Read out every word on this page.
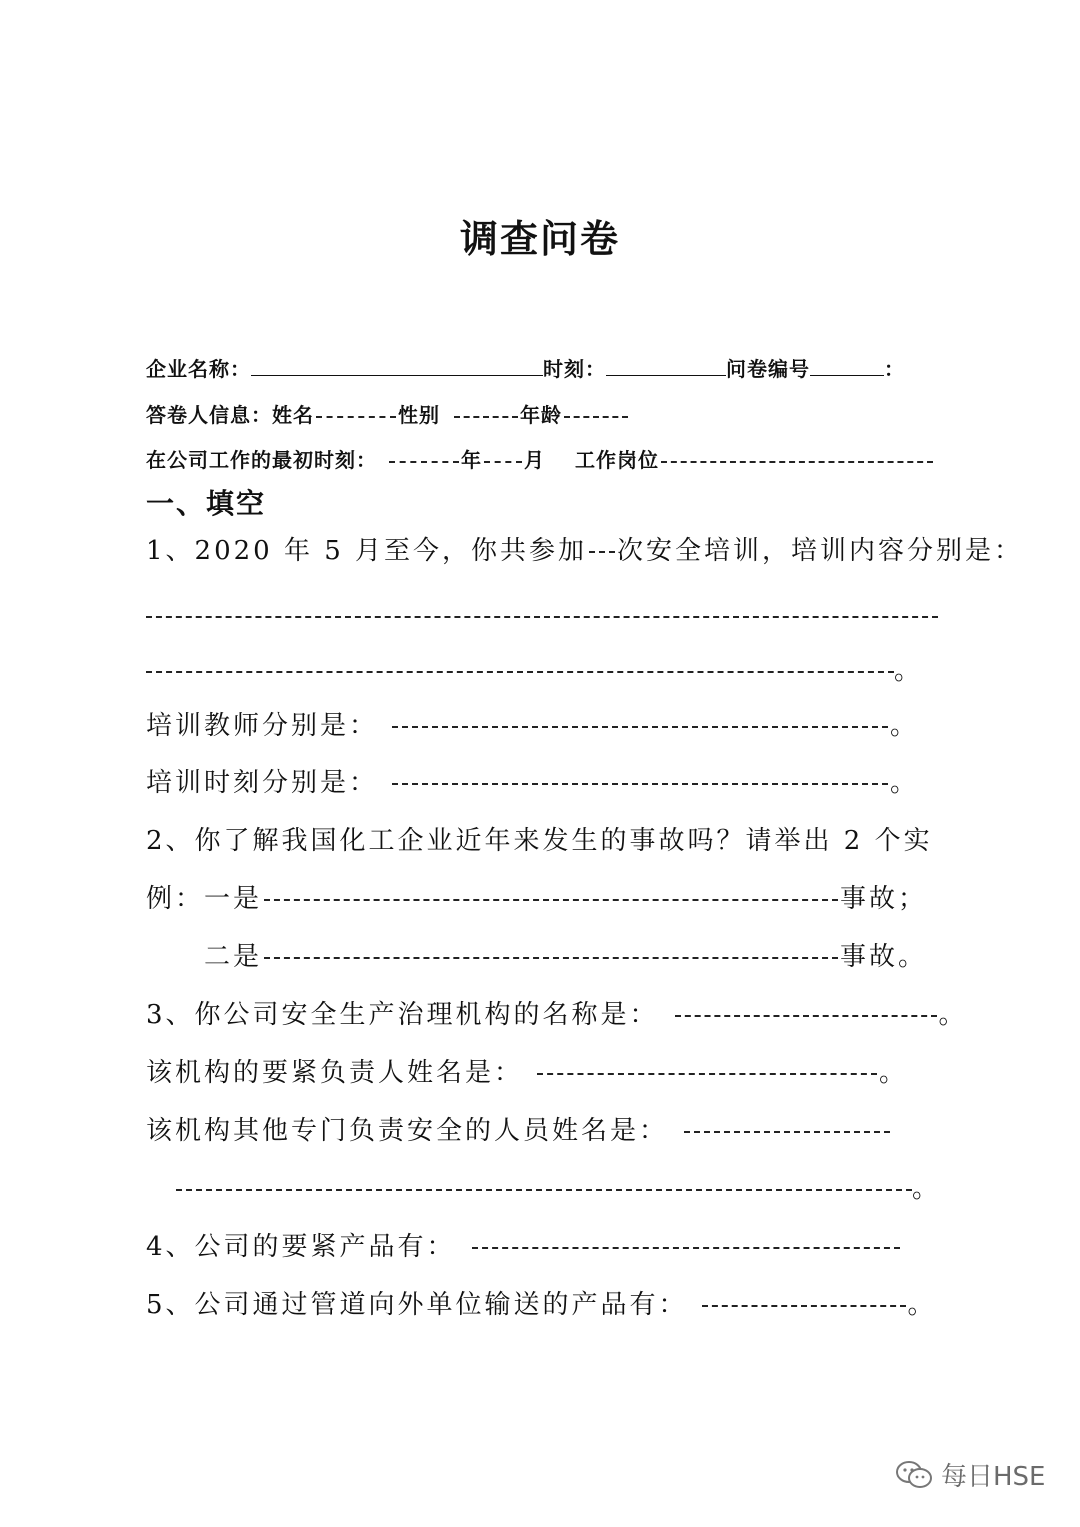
调查问卷
企业名称：	时刻：	问卷编号	：
答卷人信息：姓名	性别	年龄
在公司工作的最初时刻：	年 月 工作岗位
一、填空
1、2020 年 5 月至今，你共参加 次安全培训，培训内容分别是：
。
培训教师分别是：	。
培训时刻分别是：	。
2、你了解我国化工企业近年来发生的事故吗？请举出 2 个实
例：一是	事故；
二是	事故。
3、你公司安全生产治理机构的名称是：	。
该机构的要紧负责人姓名是：	。
该机构其他专门负责安全的人员姓名是：
。
4、公司的要紧产品有：
5、公司通过管道向外单位输送的产品有：	。
每日HSE
